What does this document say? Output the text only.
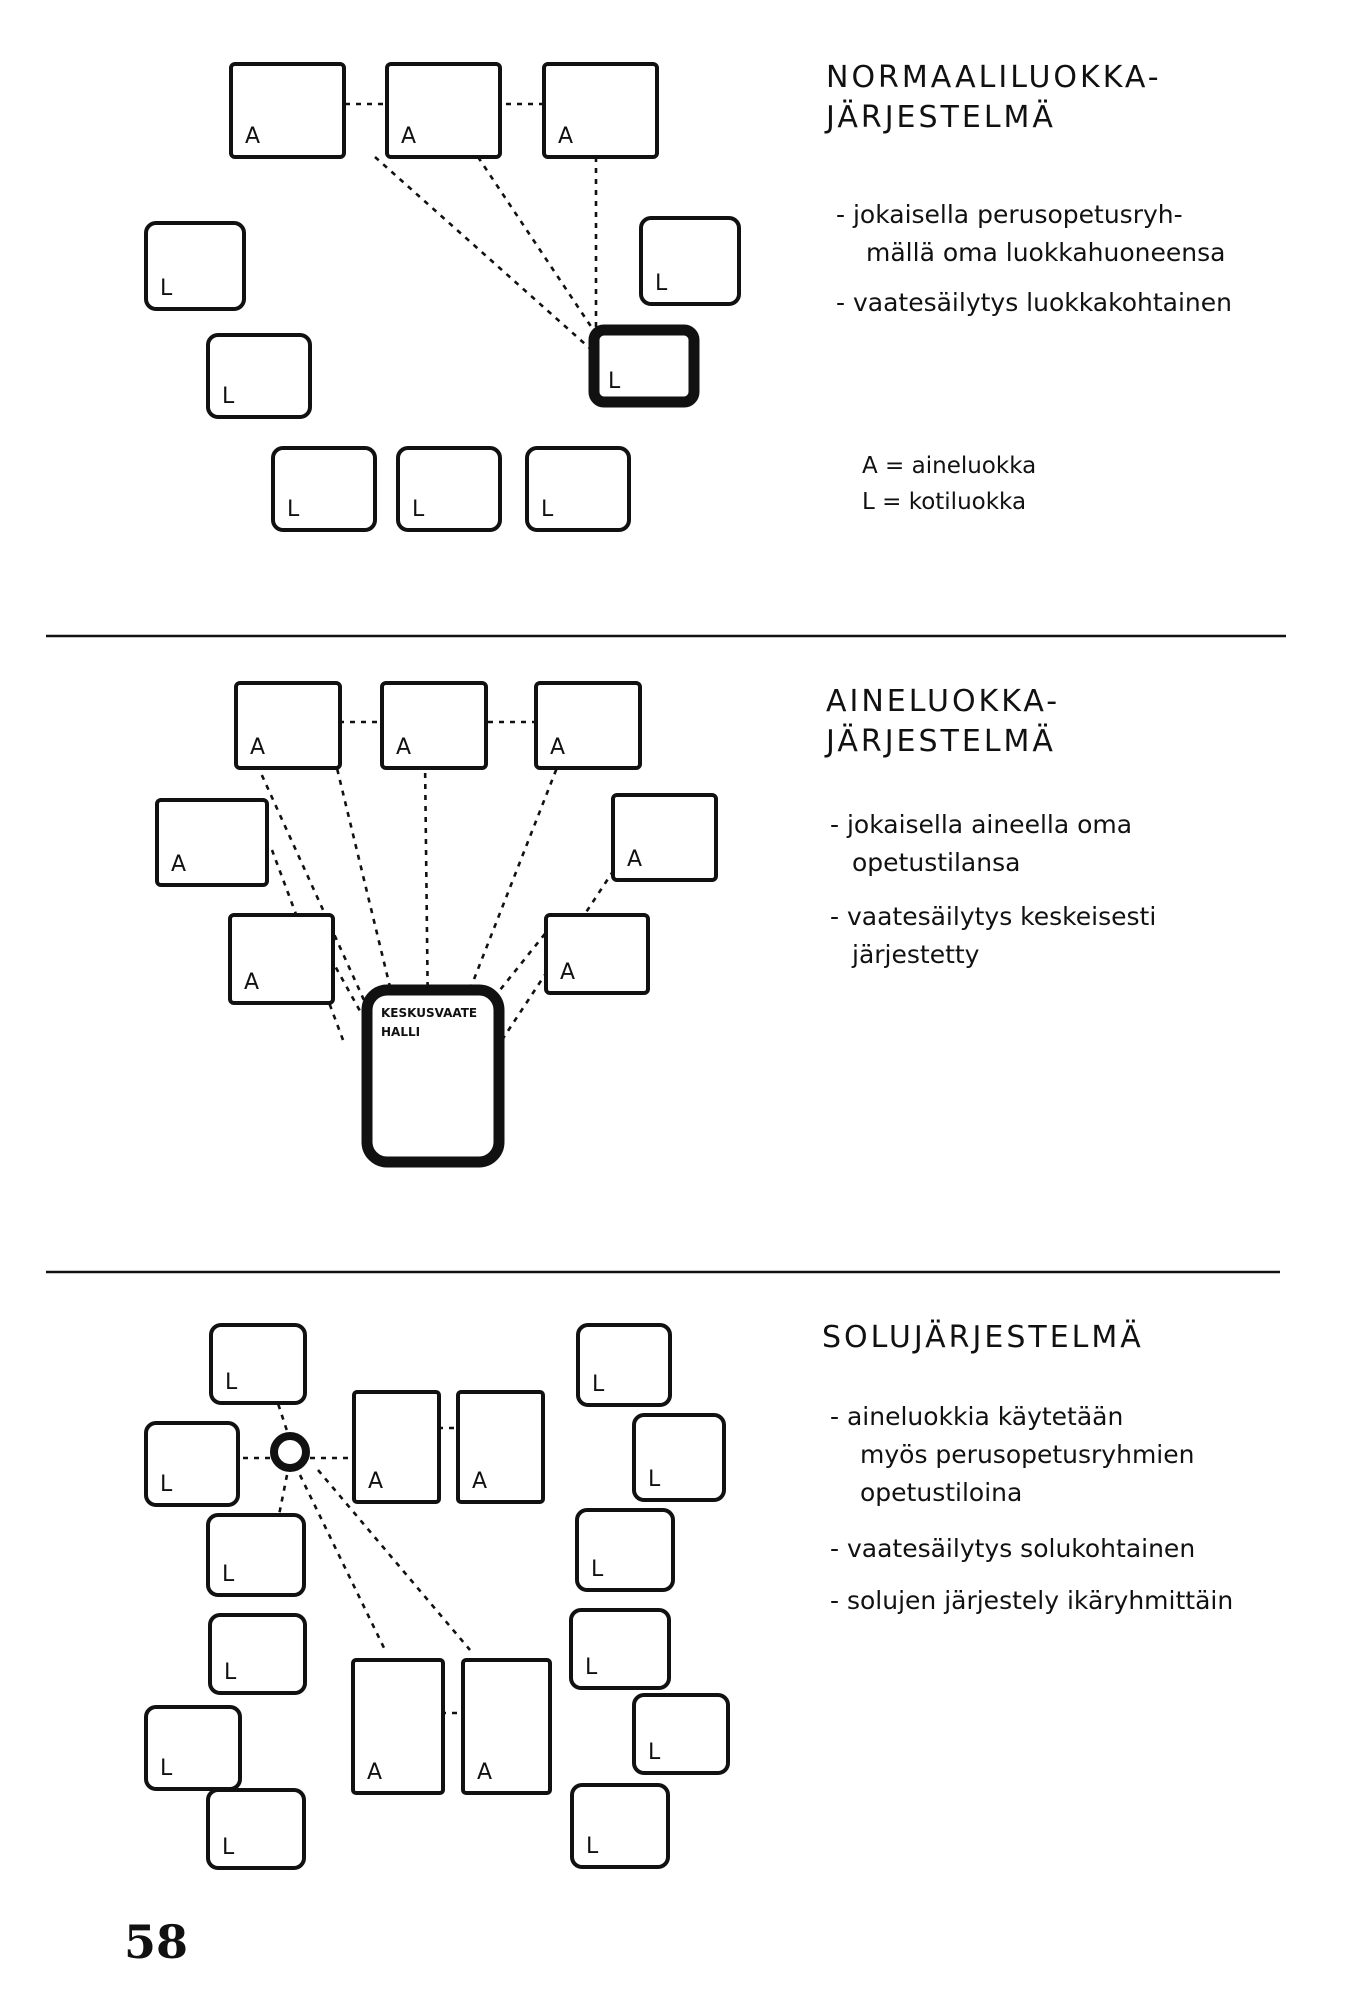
A	A	A
L	L
L
L
L	L	L
A	A	A
A	A
A	A
KESKUSVAATE
HALLI
L
L
L
L
L
L
L
L
L
L
L
L
A	A
A	A
NORMAALILUOKKA-
JÄRJESTELMÄ
- jokaisella perusopetusryh-
mällä oma luokkahuoneensa
- vaatesäilytys luokkakohtainen
A = aineluokka
L = kotiluokka
AINELUOKKA-
JÄRJESTELMÄ
- jokaisella aineella oma
opetustilansa
- vaatesäilytys keskeisesti
järjestetty
SOLUJÄRJESTELMÄ
- aineluokkia käytetään
myös perusopetusryhmien
opetustiloina
- vaatesäilytys solukohtainen
- solujen järjestely ikäryhmittäin
58
